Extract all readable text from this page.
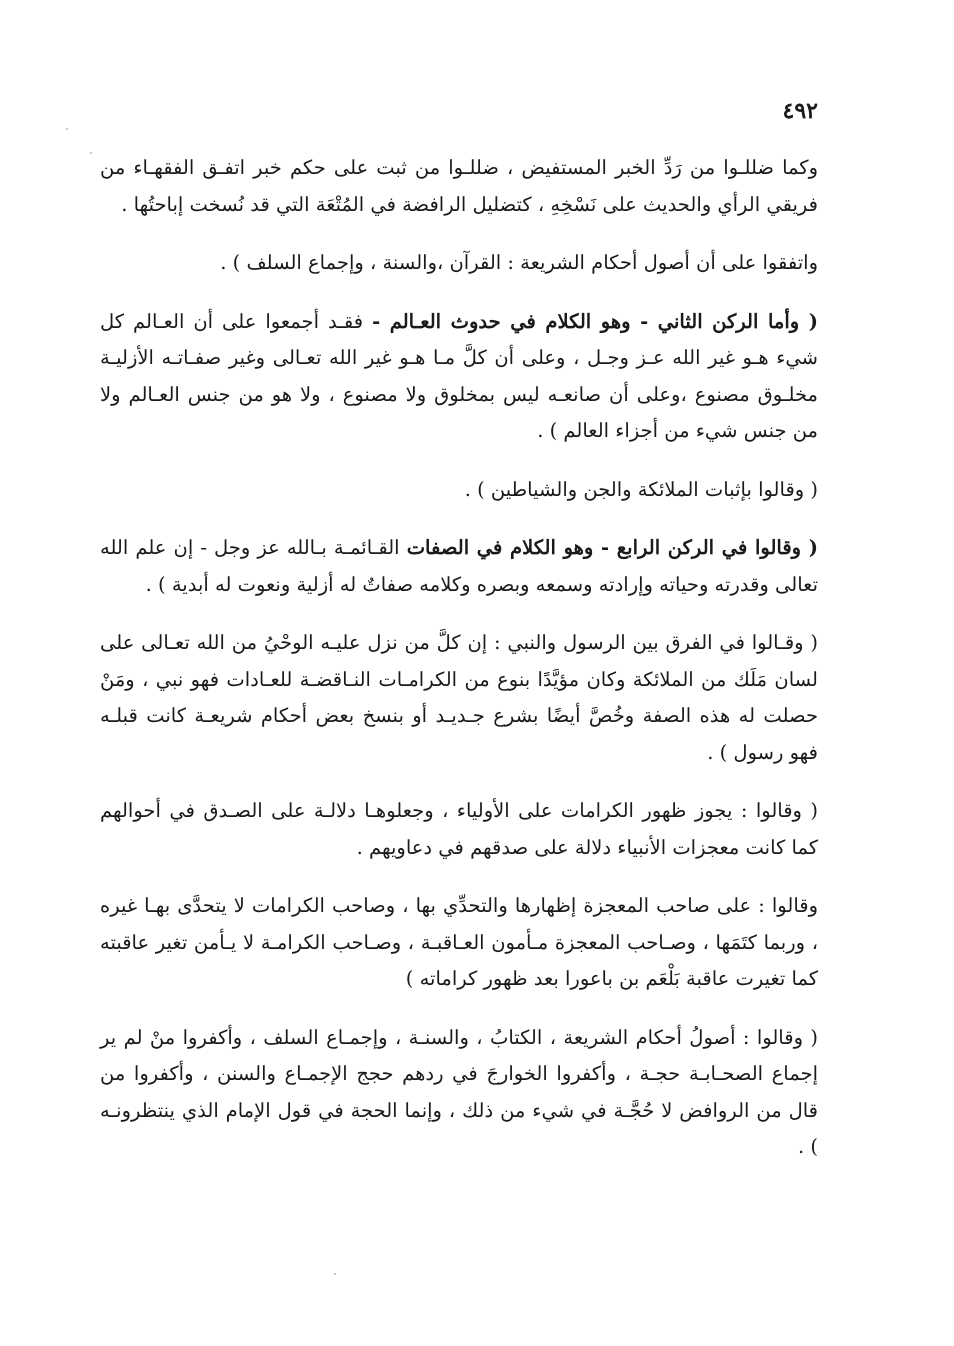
٤٩٢

وكما ضللـوا من رَدِّ الخبر المستفيض ، ضللـوا من ثبت على حكم خبر اتفـق الفقهـاء من فريقي الرأي والحديث على نَسْخِهِ ، كتضليل الرافضة في المُتْعَة التي قد نُسخت إباحتُها .

واتفقوا على أن أصول أحكام الشريعة : القرآن ،والسنة ، وإجماع السلف ) .

( وأما الركن الثاني - وهو الكلام في حدوث العـالم - فقـد أجمعوا على أن العـالم كل شيء هـو غير الله عـز وجـل ، وعلى أن كلَّ مـا هـو غير الله تعـالى وغير صفـاتـه الأزليـة مخلـوق مصنوع ،وعلى أن صانعـه ليس بمخلوق ولا مصنوع ، ولا هو من جنس العـالم ولا من جنس شيء من أجزاء العالم ) .

( وقالوا بإثبات الملائكة والجن والشياطين ) .

( وقالوا في الركن الرابع - وهو الكلام في الصفات القـائمـة بـالله عز وجل - إن علم الله تعالى وقدرته وحياته وإرادته وسمعه وبصره وكلامه صفاتٌ له أزلية ونعوت له أبدية ) .

( وقـالوا في الفرق بين الرسول والنبي : إن كلَّ من نزل عليـه الوحْيُ من الله تعـالى على لسان مَلَك من الملائكة وكان مؤيَّدًا بنوع من الكرامـات النـاقضـة للعـادات فهو نبي ، ومَنْ حصلت له هذه الصفة وخُصَّ أيضًا بشرع جـديـد أو بنسخ بعض أحكام شريعـة كانت قبلـه فهو رسول ) .

( وقالوا : يجوز ظهور الكرامات على الأولياء ، وجعلوهـا دلالـة على الصـدق في أحوالهم كما كانت معجزات الأنبياء دلالة على صدقهم في دعاويهم .

وقالوا : على صاحب المعجزة إظهارها والتحدِّي بها ، وصاحب الكرامات لا يتحدَّى بهـا غيره ، وربما كتَمَها ، وصـاحب المعجزة مـأمون العـاقبـة ، وصـاحب الكرامـة لا يـأمن تغير عاقبته كما تغيرت عاقبة بَلْعَم بن باعورا بعد ظهور كراماته )

( وقالوا : أصولُ أحكام الشريعة ، الكتابُ ، والسنـة ، وإجمـاع السلف ، وأكفروا منْ لم ير إجماع الصحـابـة حجـة ، وأكفروا الخوارجَ في ردهم حجج الإجمـاع والسنن ، وأكفروا من قال من الروافض لا حُجَّـة في شيء من ذلك ، وإنما الحجة في قول الإمام الذي ينتظرونـه ) .
